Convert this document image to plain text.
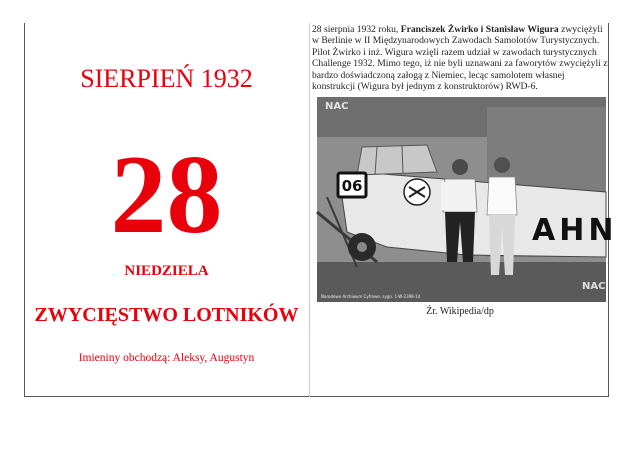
SIERPIEŃ 1932
28
NIEDZIELA
ZWYCIĘSTWO LOTNIKÓW
Imieniny obchodzą: Aleksy, Augustyn
28 sierpnia 1932 roku, Franciszek Żwirko i Stanisław Wigura zwyciężyli w Berlinie w II Międzynarodowych Zawodach Samolotów Turystycznych. Pilot Żwirko i inż. Wigura wzięli razem udział w zawodach turystycznych Challenge 1932. Mimo tego, iż nie byli uznawani za faworytów zwyciężyli z bardzo doświadczoną załogą z Niemiec, lecąc samolotem własnej konstrukcji (Wigura był jednym z konstruktorów) RWD-6.
06
AHN
NAC
NAC
Narodowe Archiwum Cyfrowe, sygn. 1-W-2398-14
Źr. Wikipedia/dp
